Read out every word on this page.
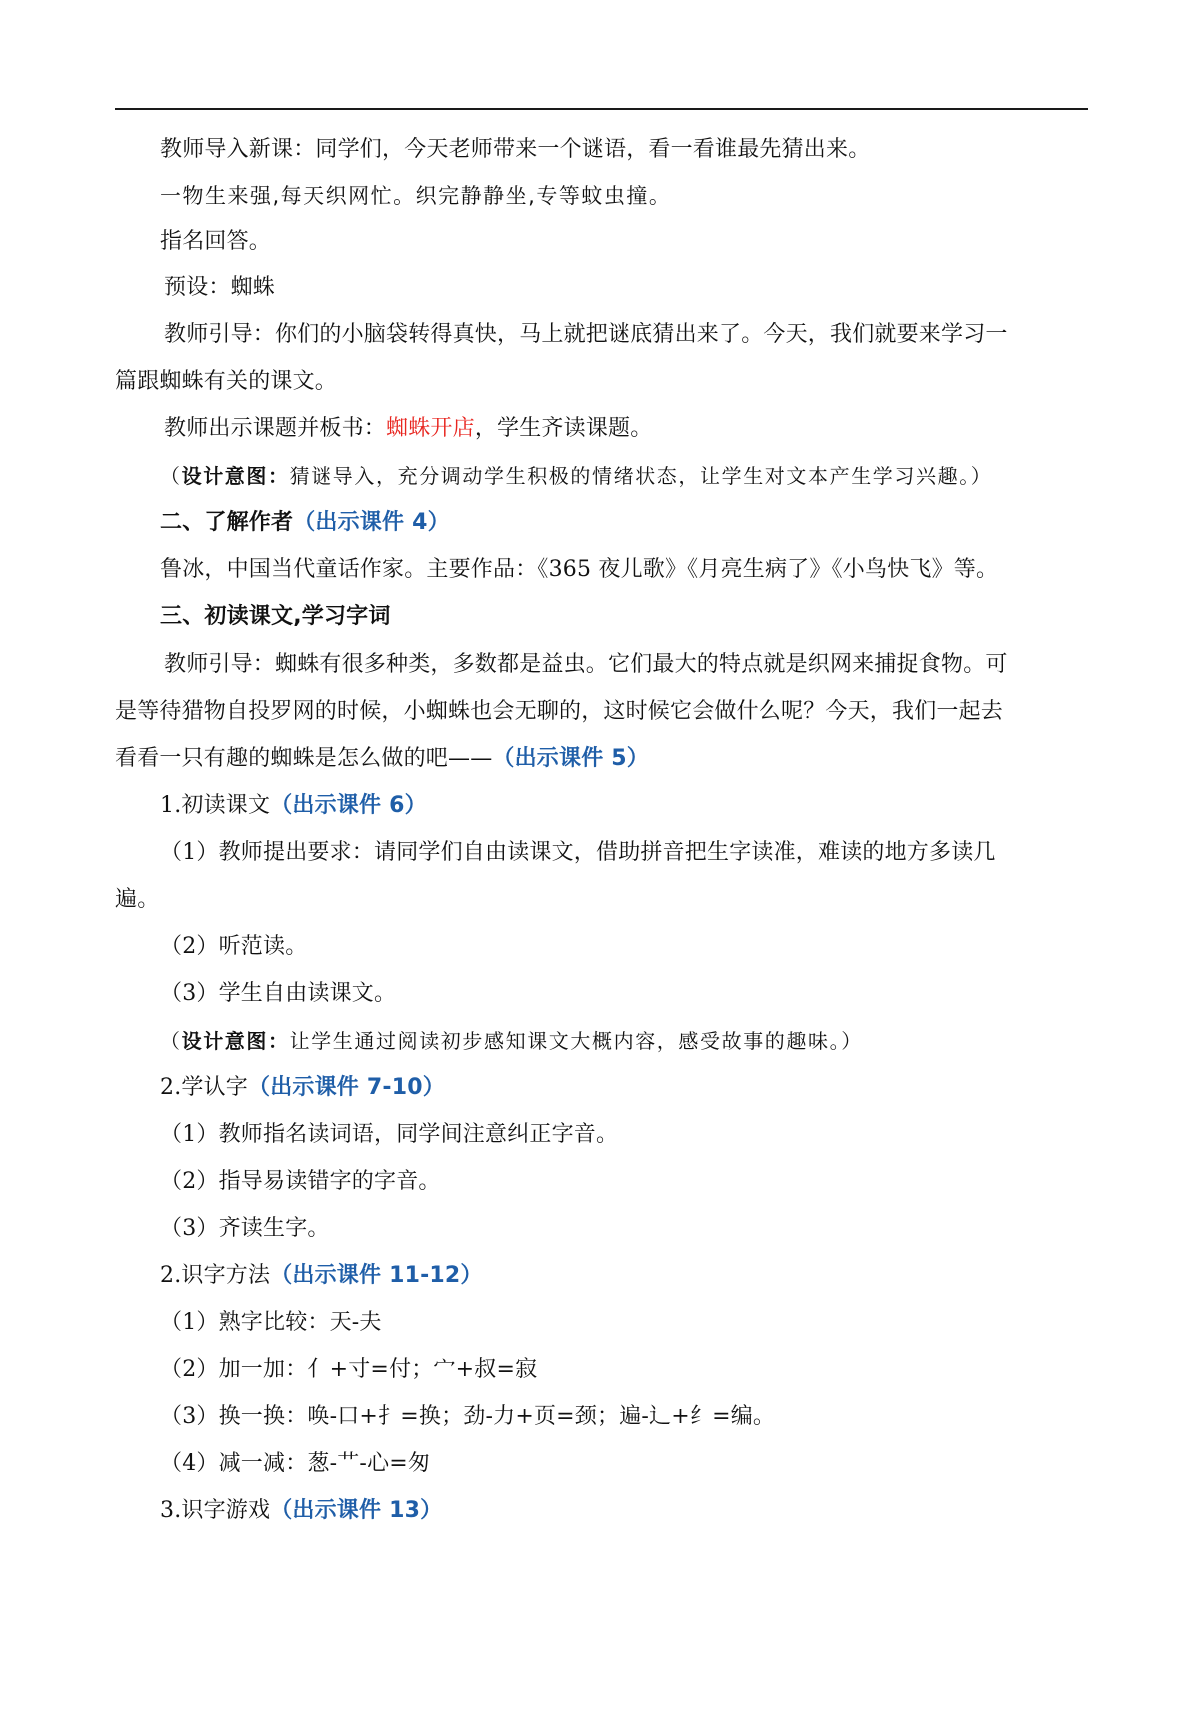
教师导入新课：同学们，今天老师带来一个谜语，看一看谁最先猜出来。
一物生来强,每天织网忙。织完静静坐,专等蚊虫撞。
指名回答。
预设：蜘蛛
教师引导：你们的小脑袋转得真快，马上就把谜底猜出来了。今天，我们就要来学习一
篇跟蜘蛛有关的课文。
教师出示课题并板书：蜘蛛开店，学生齐读课题。
（设计意图：猜谜导入，充分调动学生积极的情绪状态，让学生对文本产生学习兴趣。）
二、了解作者（出示课件 4）
鲁冰，中国当代童话作家。主要作品：《365 夜儿歌》《月亮生病了》《小鸟快飞》等。
三、初读课文,学习字词
教师引导：蜘蛛有很多种类，多数都是益虫。它们最大的特点就是织网来捕捉食物。可
是等待猎物自投罗网的时候，小蜘蛛也会无聊的，这时候它会做什么呢？今天，我们一起去
看看一只有趣的蜘蛛是怎么做的吧——（出示课件 5）
1.初读课文（出示课件 6）
（1）教师提出要求：请同学们自由读课文，借助拼音把生字读准，难读的地方多读几
遍。
（2）听范读。
（3）学生自由读课文。
（设计意图：让学生通过阅读初步感知课文大概内容，感受故事的趣味。）
2.学认字（出示课件 7-10）
（1）教师指名读词语，同学间注意纠正字音。
（2）指导易读错字的字音。
（3）齐读生字。
2.识字方法（出示课件 11-12）
（1）熟字比较：天-夫
（2）加一加：亻+寸=付；宀+叔=寂
（3）换一换：唤-口+扌=换；劲-力+页=颈；遍-辶+纟=编。
（4）减一减：葱-艹-心=匆
3.识字游戏（出示课件 13）
